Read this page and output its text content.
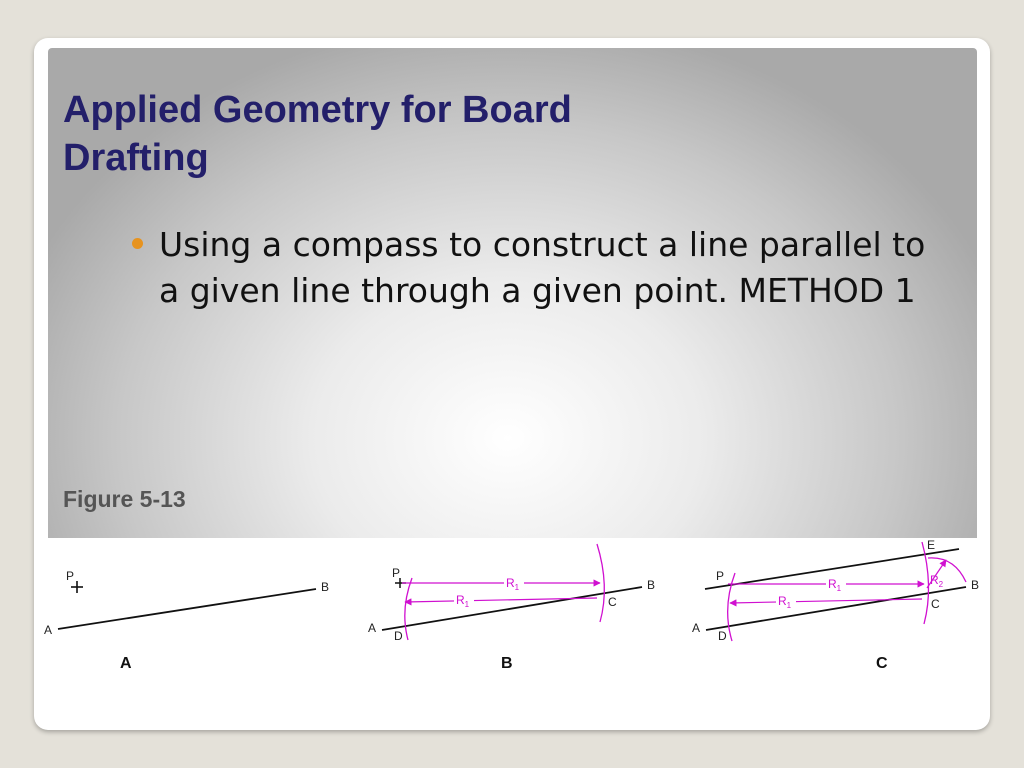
Applied Geometry for Board
Drafting
Using a compass to construct a line parallel to a given line through a given point. METHOD 1
Figure 5-13
P
A
B
A
$R_1$
$R_1$
P
A
B
C
D
B
$R_1$
$R_1$
$R_2$
P
A
B
C
D
E
C
